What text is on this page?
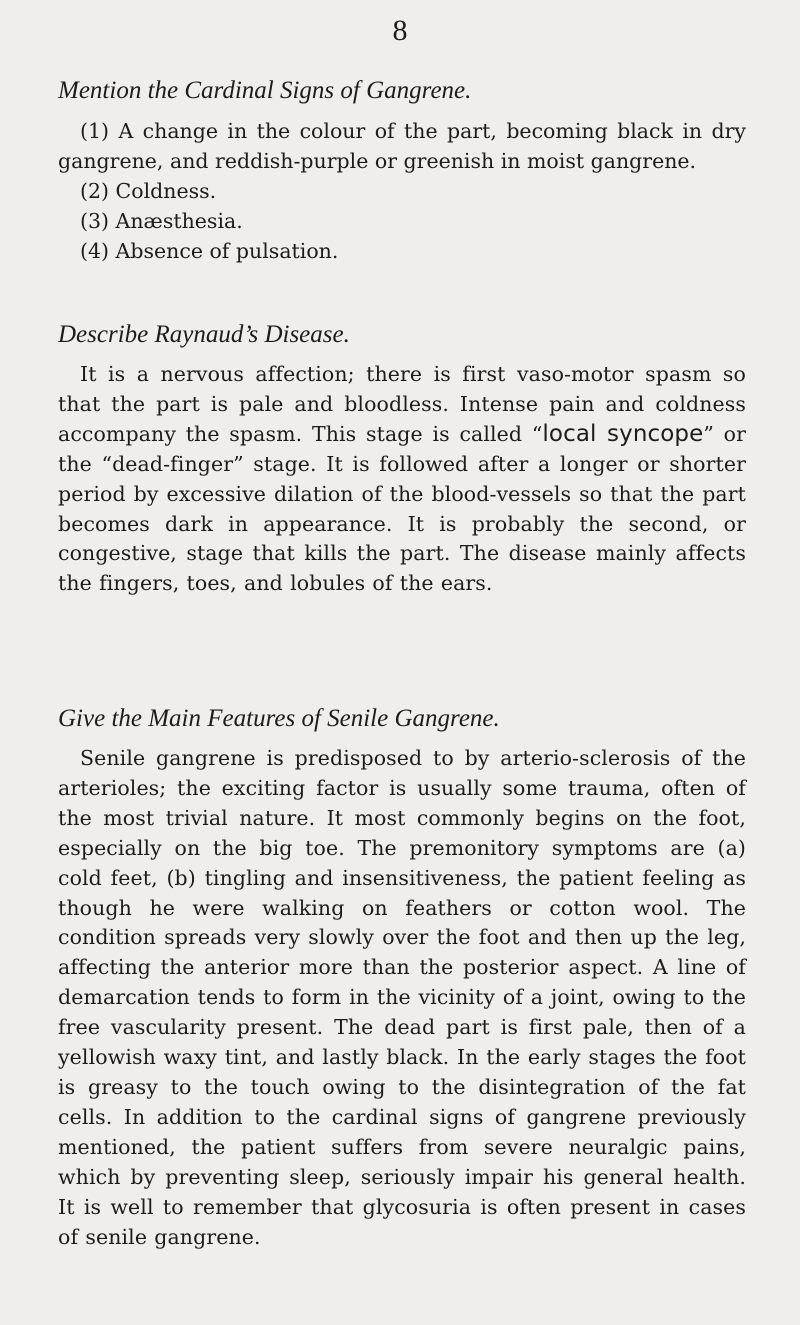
8
Mention the Cardinal Signs of Gangrene.
(1) A change in the colour of the part, becoming black in dry gangrene, and reddish-purple or greenish in moist gangrene.
(2) Coldness.
(3) Anæsthesia.
(4) Absence of pulsation.
Describe Raynaud’s Disease.

It is a nervous affection; there is first vaso-motor spasm so that the part is pale and bloodless. Intense pain and coldness accompany the spasm. This stage is called “local syncope” or the “dead-finger” stage. It is followed after a longer or shorter period by excessive dilation of the blood-vessels so that the part becomes dark in appearance. It is probably the second, or congestive, stage that kills the part. The disease mainly affects the fingers, toes, and lobules of the ears.

Give the Main Features of Senile Gangrene.

Senile gangrene is predisposed to by arterio-sclerosis of the arterioles; the exciting factor is usually some trauma, often of the most trivial nature. It most commonly begins on the foot, especially on the big toe. The premonitory symptoms are (a) cold feet, (b) tingling and insensitiveness, the patient feeling as though he were walking on feathers or cotton wool. The condition spreads very slowly over the foot and then up the leg, affecting the anterior more than the posterior aspect. A line of demarcation tends to form in the vicinity of a joint, owing to the free vascularity present. The dead part is first pale, then of a yellowish waxy tint, and lastly black. In the early stages the foot is greasy to the touch owing to the disintegration of the fat cells. In addition to the cardinal signs of gangrene previously mentioned, the patient suffers from severe neuralgic pains, which by preventing sleep, seriously impair his general health. It is well to remember that glycosuria is often present in cases of senile gangrene.
